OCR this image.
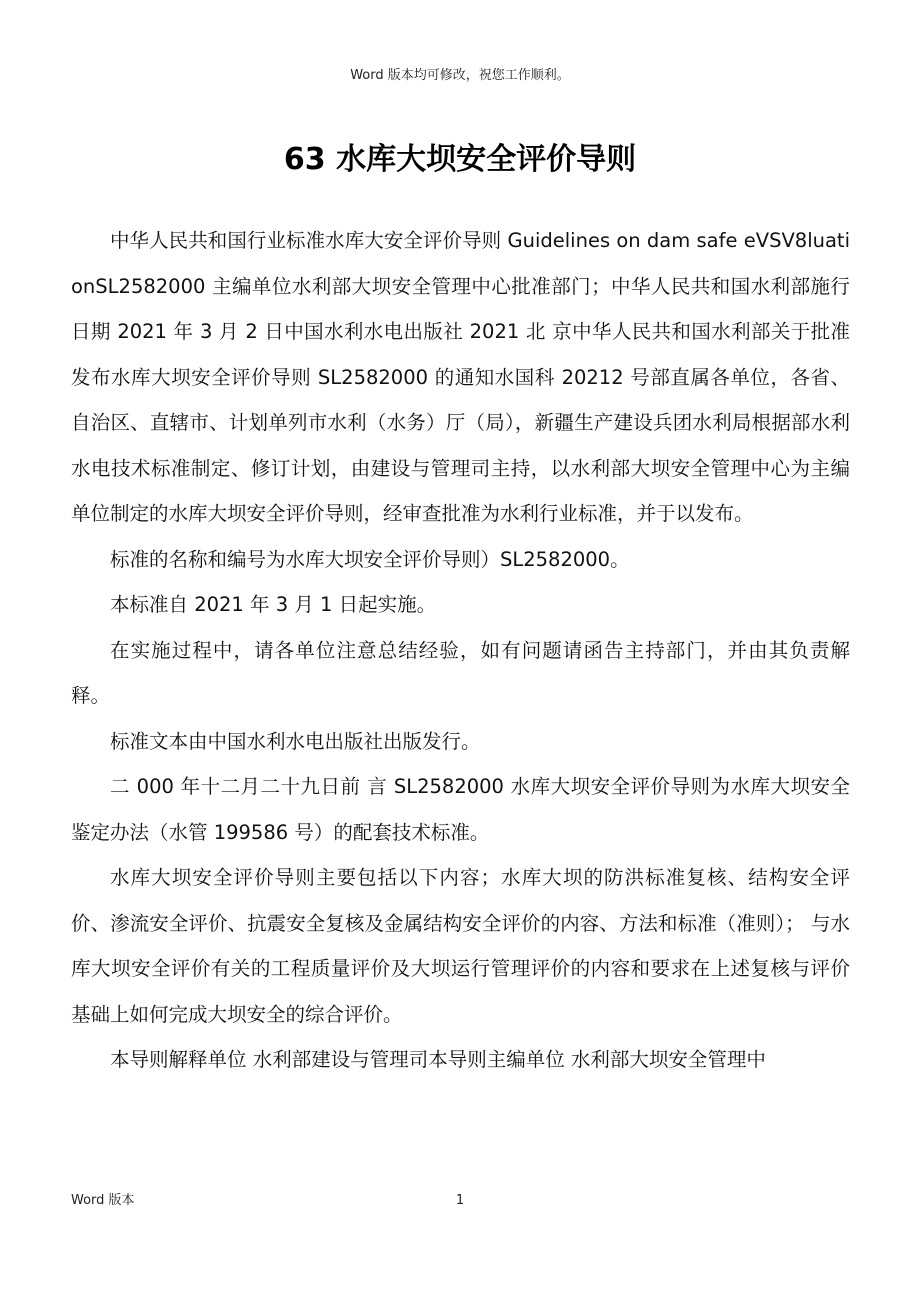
Word 版本均可修改，祝您工作顺利。
63 水库大坝安全评价导则

中华人民共和国行业标准水库大安全评价导则 Guidelines on dam safe eVSV8luationSL2582000 主编单位水利部大坝安全管理中心批准部门；中华人民共和国水利部施行日期 2021 年 3 月 2 日中国水利水电出版社 2021 北 京中华人民共和国水利部关于批准发布水库大坝安全评价导则 SL2582000 的通知水国科 20212 号部直属各单位，各省、自治区、直辖市、计划单列市水利（水务）厅（局），新疆生产建设兵团水利局根据部水利水电技术标准制定、修订计划，由建设与管理司主持，以水利部大坝安全管理中心为主编单位制定的水库大坝安全评价导则，经审查批准为水利行业标准，并于以发布。

标准的名称和编号为水库大坝安全评价导则）SL2582000。

本标准自 2021 年 3 月 1 日起实施。

在实施过程中，请各单位注意总结经验，如有问题请函告主持部门，并由其负责解释。

标准文本由中国水利水电出版社出版发行。

二 000 年十二月二十九日前 言 SL2582000 水库大坝安全评价导则为水库大坝安全鉴定办法（水管 199586 号）的配套技术标准。

水库大坝安全评价导则主要包括以下内容；水库大坝的防洪标准复核、结构安全评价、渗流安全评价、抗震安全复核及金属结构安全评价的内容、方法和标准（准则）； 与水库大坝安全评价有关的工程质量评价及大坝运行管理评价的内容和要求在上述复核与评价基础上如何完成大坝安全的综合评价。

本导则解释单位 水利部建设与管理司本导则主编单位 水利部大坝安全管理中

Word 版本	1
